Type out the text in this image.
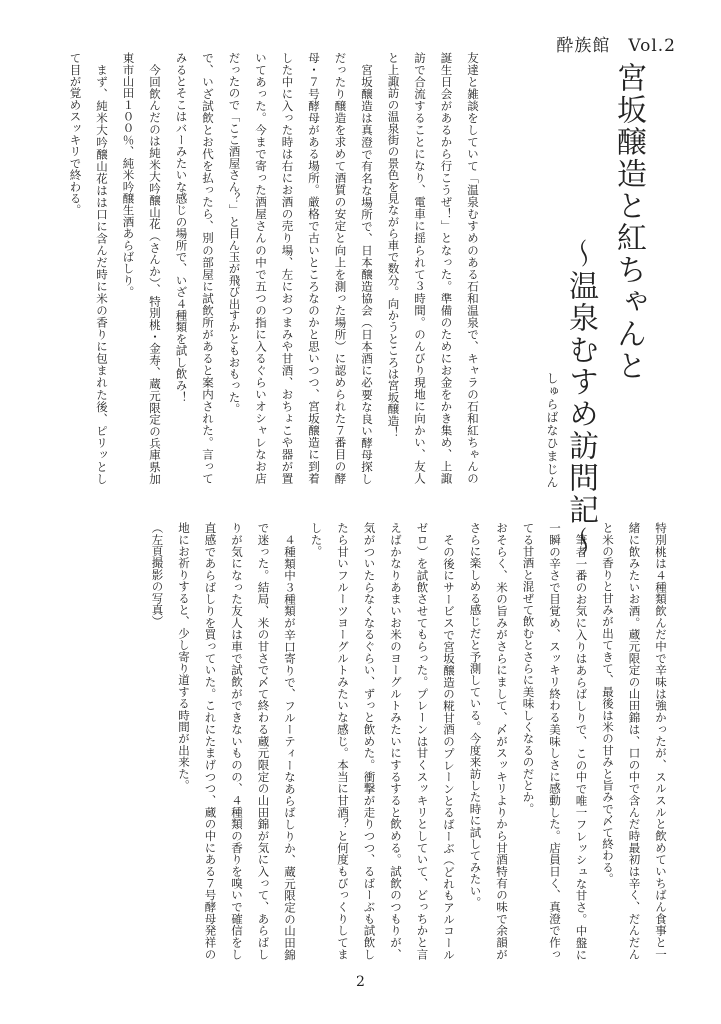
酔族館　Vol.2
宮坂醸造と紅ちゃんと
～温泉むすめ訪問記～
しゅらばなひまじん

友達と雑談をしていて「温泉むすめのある石和温泉で、キャラの石和紅ちゃんの誕生日会があるから行こうぜ！」となった。準備のためにお金をかき集め、上諏訪で合流することになり、電車に揺られて３時間。のんびり現地に向かい、友人と上諏訪の温泉街の景色を見ながら車で数分。向かうところは宮坂醸造！

宮坂醸造は真澄で有名な場所で、日本醸造協会（日本酒に必要な良い酵母探しだったり醸造を求めて酒質の安定と向上を測った場所）に認められた７番目の酵母・７号酵母がある場所。厳格で古いところなのかと思いつつ、宮坂醸造に到着した中に入った時は右にお酒の売り場、左におつまみや甘酒、おちょこや器が置いてあった。今まで寄った酒屋さんの中で五つの指に入るぐらいオシャレなお店だったので「ここ酒屋さん？」と目ん玉が飛び出すかともおもった。

で、いざ試飲とお代を払ったら、別の部屋に試飲所があると案内された。言ってみるとそこはバーみたいな感じの場所で、いざ４種類を試し飲み！

今回飲んだのは純米大吟醸山花（さんか）、特別桃・金寿、蔵元限定の兵庫県加東市山田１００％、純米吟醸生酒あらばしり。

まず、純米大吟醸山花はは口に含んだ時に米の香りに包まれた後、ピリッとして目が覚めスッキリで終わる。

特別桃は４種類飲んだ中で辛味は強かったが、スルスルと飲めていちばん食事と一緒に飲みたいお酒。蔵元限定の山田錦は、口の中で含んだ時最初は辛く、だんだんと米の香りと甘みが出てきて、最後は米の甘みと旨みで〆て終わる。

筆者一番のお気に入りはあらばしりで、この中で唯一フレッシュな甘さ。中盤に一瞬の辛さで目覚め、スッキリ終わる美味しさに感動した。店員日く、真澄で作ってる甘酒と混ぜて飲むとさらに美味しくなるのだとか。

おそらく、米の旨みがさらにまして、〆がスッキリよりから甘酒特有の味で余韻がさらに楽しめる感じだと予測している。今度来訪した時に試してみたい。

その後にサービスで宮坂醸造の糀甘酒のプレーンとるばーぶ（どれもアルコールゼロ）を試飲させてもらった。プレーンは甘くスッキリとしていて、どっちかと言えばかなりあまいお米のヨーグルトみたいにするすると飲める。試飲のつもりが、気がついたらなくなるぐらい、ずっと飲めた。衝撃が走りつつ、るばーぶも試飲したら甘いフルーツヨーグルトみたいな感じ。本当に甘酒？と何度もびっくりしてました。

４種類中３種類が辛口寄りで、フルーティーなあらばしりか、蔵元限定の山田錦で迷った。結局、米の甘さで〆て終わる蔵元限定の山田錦が気に入って、あらばしりが気になった友人は車で試飲ができないものの、４種類の香りを嗅いで確信をし直感であらばしりを買っていた。これにたまげつつ、蔵の中にある７号酵母発祥の地にお祈りすると、少し寄り道する時間が出来た。

（左頁撮影の写真）

2
